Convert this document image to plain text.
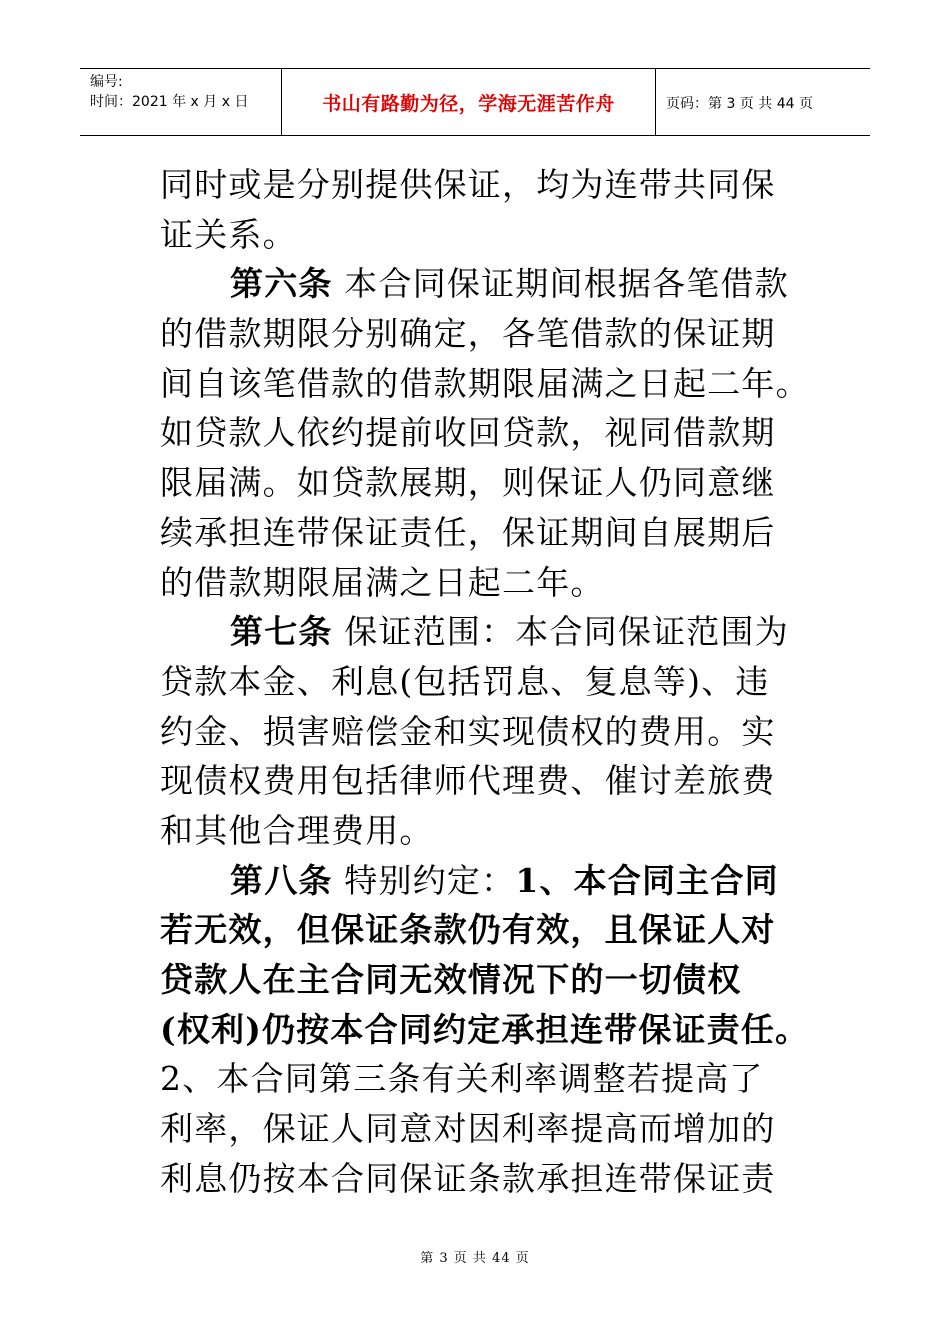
编号:
时间：2021 年 x 月 x 日	书山有路勤为径，学海无涯苦作舟	页码：第 3 页 共 44 页
同时或是分别提供保证，均为连带共同保
证关系。
第六条 本合同保证期间根据各笔借款
的借款期限分别确定，各笔借款的保证期
间自该笔借款的借款期限届满之日起二年。
如贷款人依约提前收回贷款，视同借款期
限届满。如贷款展期，则保证人仍同意继
续承担连带保证责任，保证期间自展期后
的借款期限届满之日起二年。
第七条 保证范围：本合同保证范围为
贷款本金、利息(包括罚息、复息等)、违
约金、损害赔偿金和实现债权的费用。实
现债权费用包括律师代理费、催讨差旅费
和其他合理费用。
第八条 特别约定：1、本合同主合同
若无效，但保证条款仍有效，且保证人对
贷款人在主合同无效情况下的一切债权
(权利)仍按本合同约定承担连带保证责任。
2、本合同第三条有关利率调整若提高了
利率，保证人同意对因利率提高而增加的
利息仍按本合同保证条款承担连带保证责
第 3 页 共 44 页
